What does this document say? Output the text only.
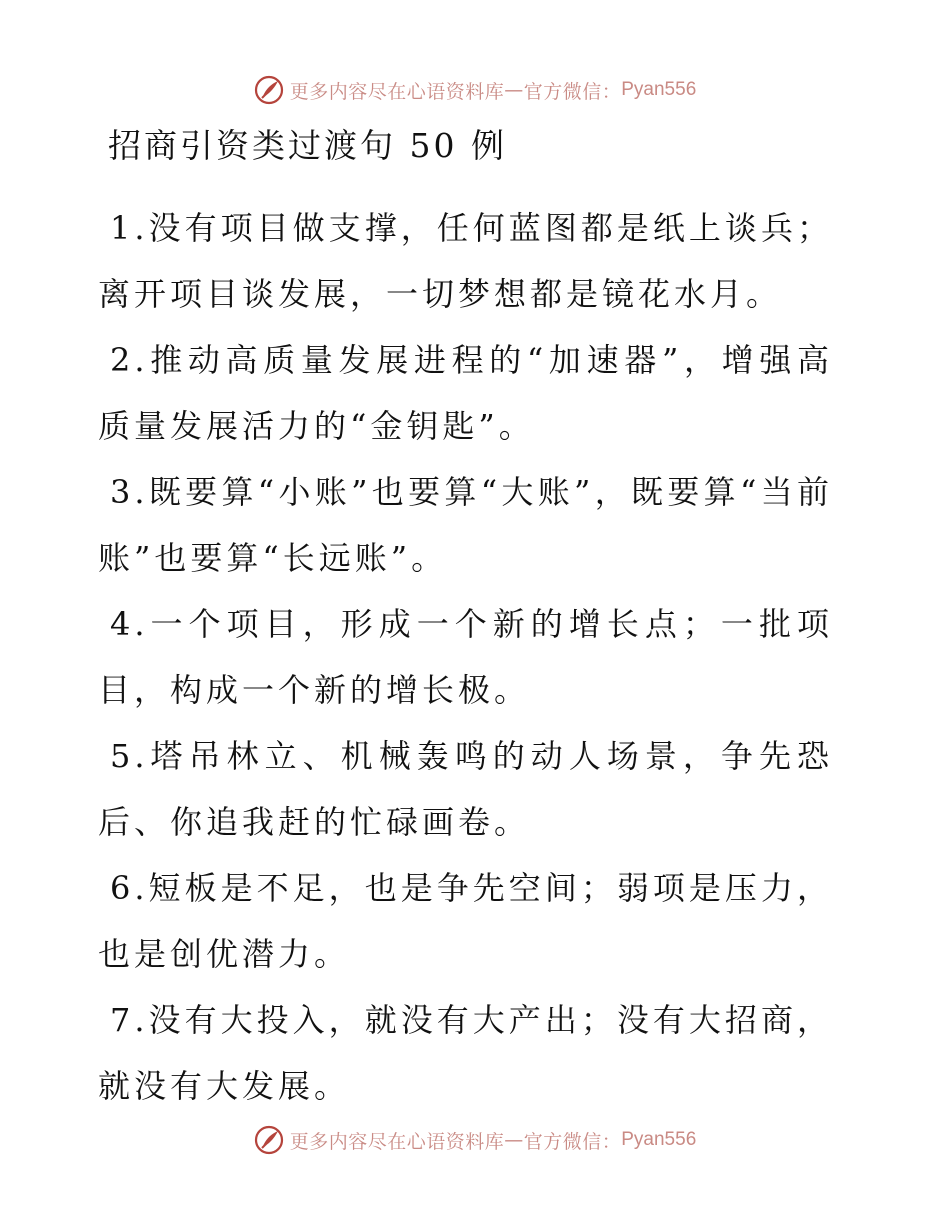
更多内容尽在心语资料库 — 官方微信： Pyan556
招商引资类过渡句 50 例

1.没有项目做支撑，任何蓝图都是纸上谈兵；离开项目谈发展，一切梦想都是镜花水月。

2.推动高质量发展进程的“加速器”，增强高质量发展活力的“金钥匙”。

3.既要算“小账”也要算“大账”，既要算“当前账”也要算“长远账”。

4.一个项目，形成一个新的增长点；一批项目，构成一个新的增长极。

5.塔吊林立、机械轰鸣的动人场景，争先恐后、你追我赶的忙碌画卷。

6.短板是不足，也是争先空间；弱项是压力，也是创优潜力。

7.没有大投入，就没有大产出；没有大招商，就没有大发展。

更多内容尽在心语资料库 — 官方微信： Pyan556
